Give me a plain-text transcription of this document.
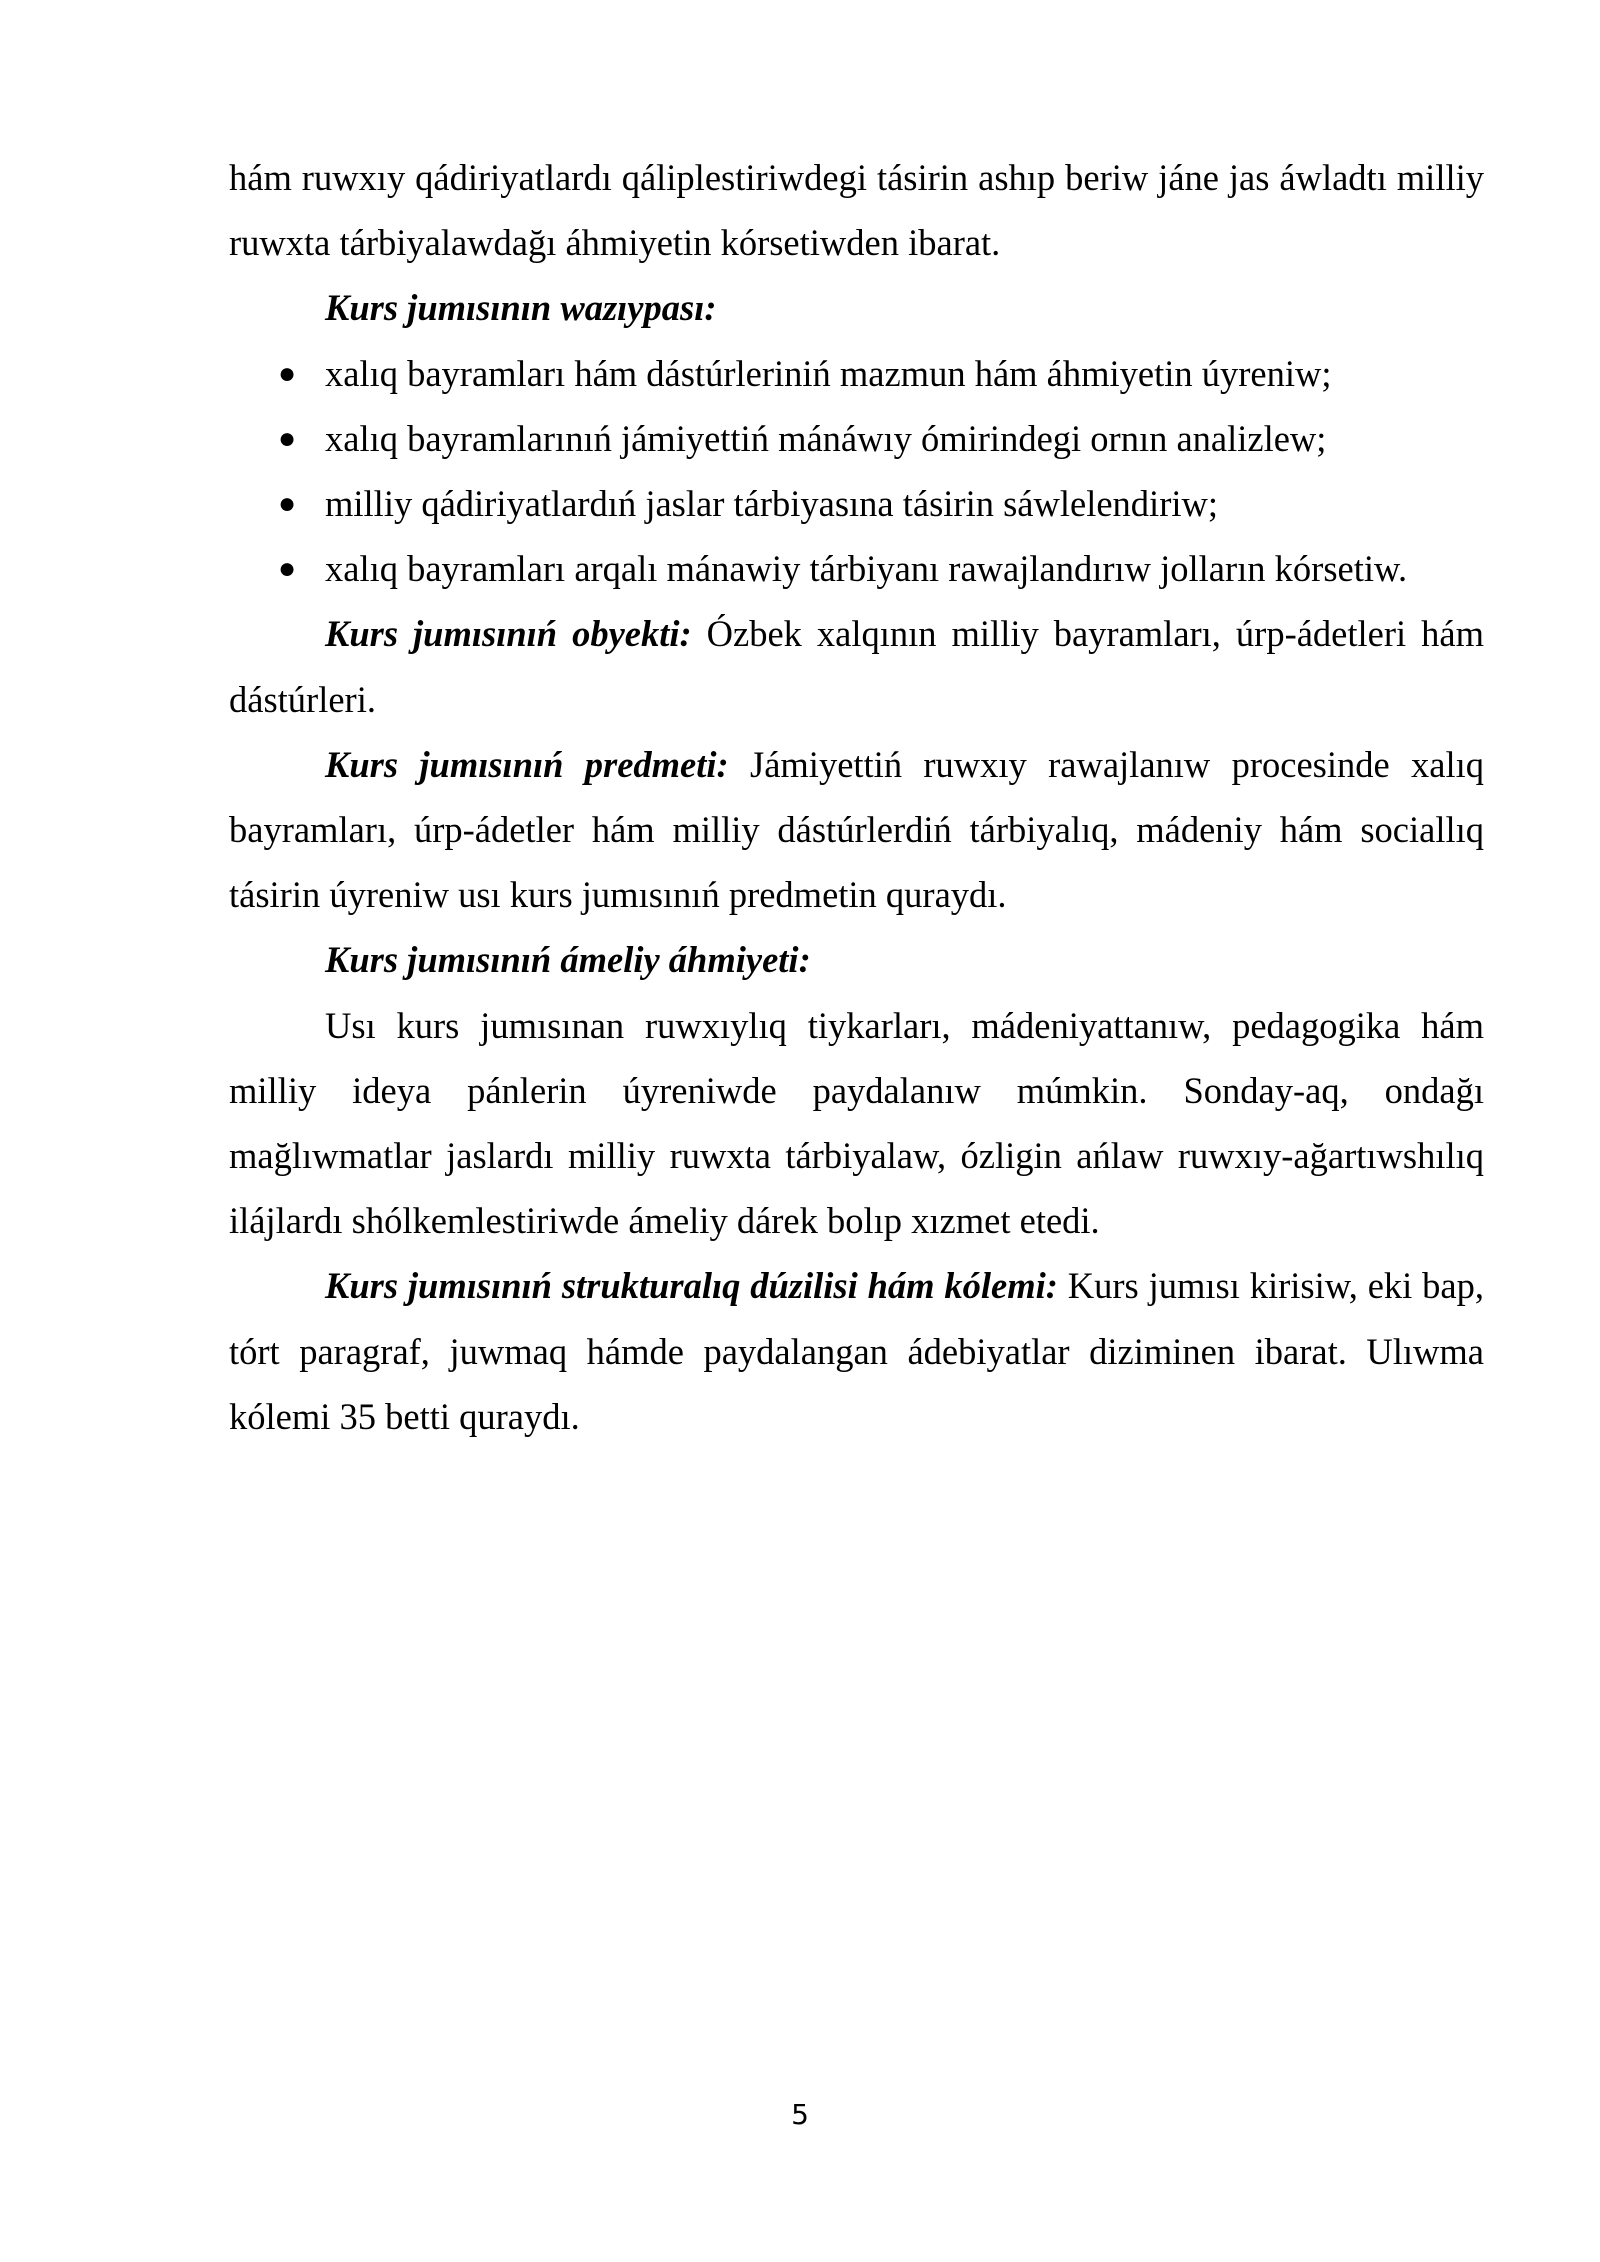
hám ruwxıy qádiriyatlardı qáliplestiriwdegi tásirin ashıp beriw jáne jas áwladtı milliy ruwxta tárbiyalawdağı áhmiyetin kórsetiwden ibarat.

Kurs jumısının wazıypası:

● xalıq bayramları hám dástúrleriniń mazmun hám áhmiyetin úyreniw;
● xalıq bayramlarınıń jámiyettiń mánáwıy ómirindegi ornın analizlew;
● milliy qádiriyatlardıń jaslar tárbiyasına tásirin sáwlelendiriw;
● xalıq bayramları arqalı mánawiy tárbiyanı rawajlandırıw jolların kórsetiw.

Kurs jumısınıń obyekti: Ózbek xalqının milliy bayramları, úrp-ádetleri hám dástúrleri.

Kurs jumısınıń predmeti: Jámiyettiń ruwxıy rawajlanıw procesinde xalıq bayramları, úrp-ádetler hám milliy dástúrlerdiń tárbiyalıq, mádeniy hám sociallıq tásirin úyreniw usı kurs jumısınıń predmetin quraydı.

Kurs jumısınıń ámeliy áhmiyeti:

Usı kurs jumısınan ruwxıylıq tiykarları, mádeniyattanıw, pedagogika hám milliy ideya pánlerin úyreniwde paydalanıw múmkin. Sonday-aq, ondağı mağlıwmatlar jaslardı milliy ruwxta tárbiyalaw, ózligin ańlaw ruwxıy-ağartıwshılıq ilájlardı shólkemlestiriwde ámeliy dárek bolıp xızmet etedi.

Kurs jumısınıń strukturalıq dúzilisi hám kólemi: Kurs jumısı kirisiw, eki bap, tórt paragraf, juwmaq hámde paydalangan ádebiyatlar diziminen ibarat. Ulıwma kólemi 35 betti quraydı.

5
